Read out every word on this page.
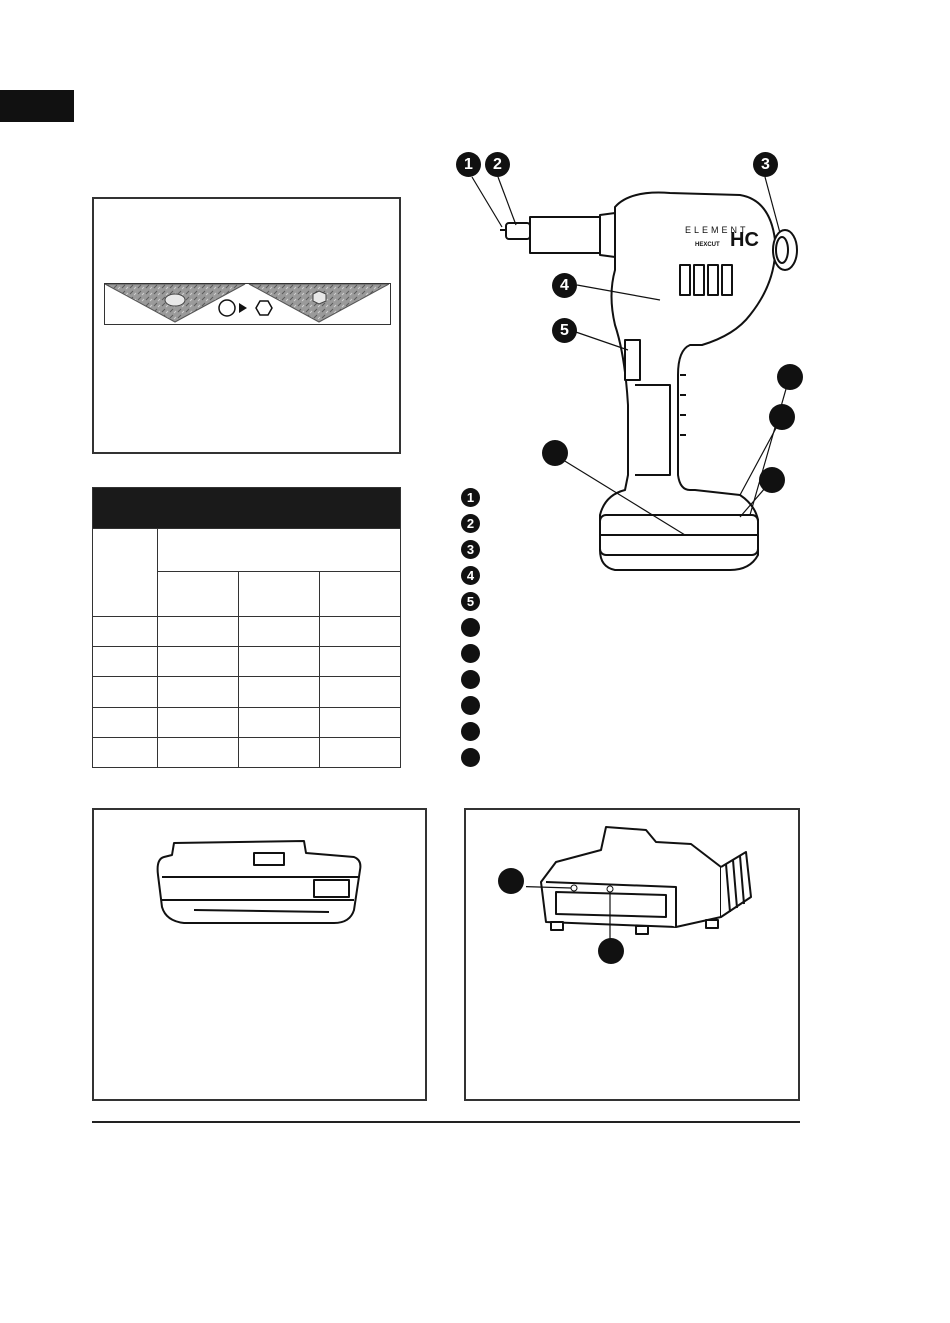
ELEMENT
HEXCUT HC
1	2	3
4
5
1
2
3
4
5
